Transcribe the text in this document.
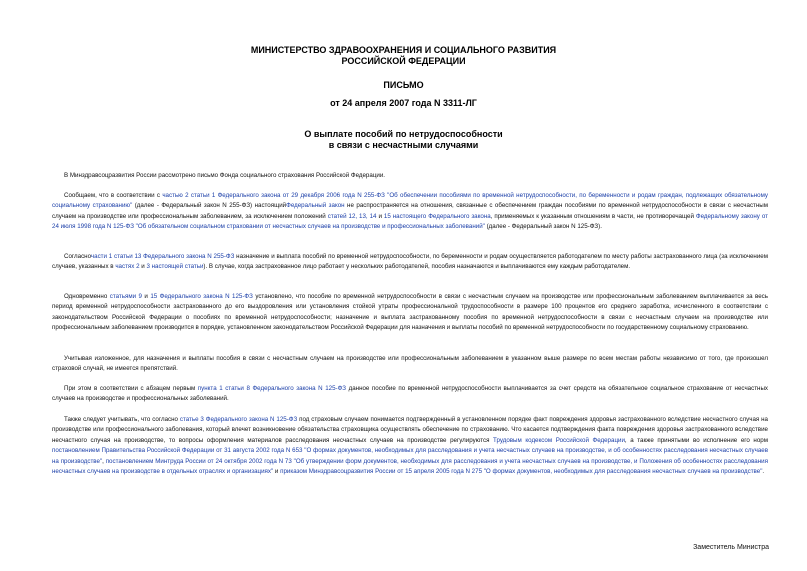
МИНИСТЕРСТВО ЗДРАВООХРАНЕНИЯ И СОЦИАЛЬНОГО РАЗВИТИЯ
РОССИЙСКОЙ ФЕДЕРАЦИИ
ПИСЬМО
от 24 апреля 2007 года N 3311-ЛГ
О выплате пособий по нетрудоспособности
в связи с несчастными случаями
В Минздравсоцразвития России рассмотрено письмо Фонда социального страхования Российской Федерации.
Сообщаем, что в соответствии с частью 2 статьи 1 Федерального закона от 29 декабря 2006 года N 255-ФЗ "Об обеспечении пособиями по временной нетрудоспособности, по беременности и родам граждан, подлежащих обязательному социальному страхованию" (далее - Федеральный закон N 255-ФЗ) настоящийФедеральный закон не распространяется на отношения, связанные с обеспечением граждан пособиями по временной нетрудоспособности в связи с несчастным случаем на производстве или профессиональным заболеванием, за исключением положений статей 12, 13, 14 и 15 настоящего Федерального закона, применяемых к указанным отношениям в части, не противоречащей Федеральному закону от 24 июля 1998 года N 125-ФЗ "Об обязательном социальном страховании от несчастных случаев на производстве и профессиональных заболеваний" (далее - Федеральный закон N 125-ФЗ).
Согласночасти 1 статьи 13 Федерального закона N 255-ФЗ назначение и выплата пособий по временной нетрудоспособности, по беременности и родам осуществляется работодателем по месту работы застрахованного лица (за исключением случаев, указанных в частях 2 и 3 настоящей статьи). В случае, когда застрахованное лицо работает у нескольких работодателей, пособия назначаются и выплачиваются ему каждым работодателем.
Одновременно статьями 9 и 15 Федерального закона N 125-ФЗ установлено, что пособие по временной нетрудоспособности в связи с несчастным случаем на производстве или профессиональным заболеванием выплачивается за весь период временной нетрудоспособности застрахованного до его выздоровления или установления стойкой утраты профессиональной трудоспособности в размере 100 процентов его среднего заработка, исчисленного в соответствии с законодательством Российской Федерации о пособиях по временной нетрудоспособности; назначение и выплата застрахованному пособия по временной нетрудоспособности в связи с несчастным случаем на производстве или профессиональным заболеванием производится в порядке, установленном законодательством Российской Федерации для назначения и выплаты пособий по временной нетрудоспособности по государственному социальному страхованию.
Учитывая изложенное, для назначения и выплаты пособия в связи с несчастным случаем на производстве или профессиональным заболеванием в указанном выше размере по всем местам работы независимо от того, где произошел страховой случай, не имеется препятствий.
При этом в соответствии с абзацем первым пункта 1 статьи 8 Федерального закона N 125-ФЗ данное пособие по временной нетрудоспособности выплачивается за счет средств на обязательное социальное страхование от несчастных случаев на производстве и профессиональных заболеваний.
Также следует учитывать, что согласно статье 3 Федерального закона N 125-ФЗ под страховым случаем понимается подтвержденный в установленном порядке факт повреждения здоровья застрахованного вследствие несчастного случая на производстве или профессионального заболевания, который влечет возникновение обязательства страховщика осуществлять обеспечение по страхованию. Что касается подтверждения факта повреждения здоровья застрахованного вследствие несчастного случая на производстве, то вопросы оформления материалов расследования несчастных случаев на производстве регулируются Трудовым кодексом Российской Федерации, а также принятыми во исполнение его норм постановлением Правительства Российской Федерации от 31 августа 2002 года N 653 "О формах документов, необходимых для расследования и учета несчастных случаев на производстве, и об особенностях расследования несчастных случаев на производстве", постановлением Минтруда России от 24 октября 2002 года N 73 "Об утверждении форм документов, необходимых для расследования и учета несчастных случаев на производстве, и Положения об особенностях расследования несчастных случаев на производстве в отдельных отраслях и организациях" и приказом Минздравсоцразвития России от 15 апреля 2005 года N 275 "О формах документов, необходимых для расследования несчастных случаев на производстве".
Заместитель Министра
